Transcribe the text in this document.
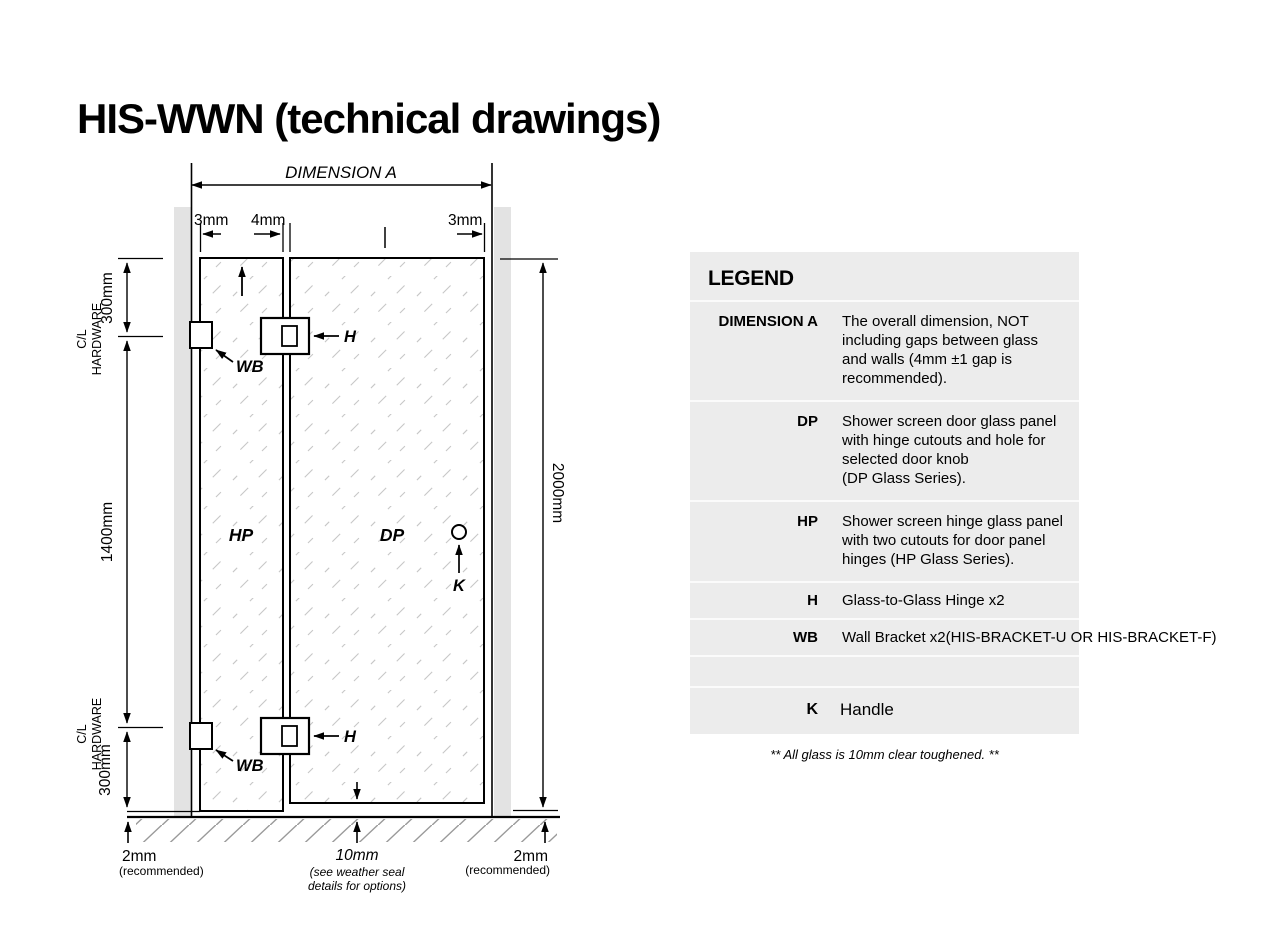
HIS-WWN (technical drawings)
DIMENSION A
3mm 4mm	3mm
300mm
C/L HARDWARE
1400mm
C/L HARDWARE
300mm
2mm
(recommended)
2000mm
2mm
(recommended)
HP	DP
10mm
(see weather seal
details for options)
K
WB
WB
H
H
LEGEND
DIMENSION A The overall dimension, NOT
including gaps between glass
and walls (4mm ±1 gap is
recommended).
DP Shower screen door glass panel
with hinge cutouts and hole for
selected door knob
(DP Glass Series).
HP Shower screen hinge glass panel
with two cutouts for door panel
hinges (HP Glass Series).
H Glass-to-Glass Hinge x2
WB Wall Bracket x2(HIS-BRACKET-U OR HIS-BRACKET-F)
K Handle
** All glass is 10mm clear toughened. **
